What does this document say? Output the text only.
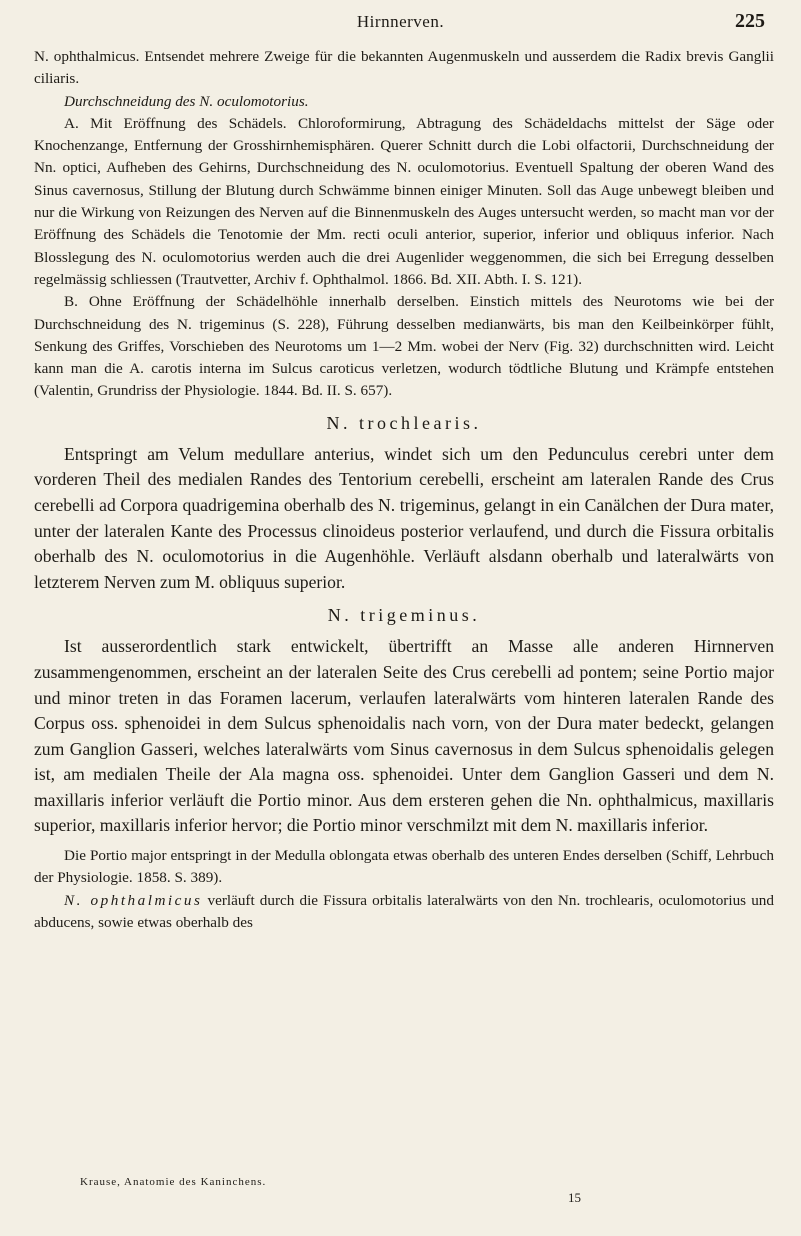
Hirnnerven.	225

N. ophthalmicus. Entsendet mehrere Zweige für die bekannten Augenmuskeln und ausserdem die Radix brevis Ganglii ciliaris.

Durchschneidung des N. oculomotorius.

A. Mit Eröffnung des Schädels. Chloroformirung, Abtragung des Schädeldachs mittelst der Säge oder Knochenzange, Entfernung der Grosshirnhemisphären. Querer Schnitt durch die Lobi olfactorii, Durchschneidung der Nn. optici, Aufheben des Gehirns, Durchschneidung des N. oculomotorius. Eventuell Spaltung der oberen Wand des Sinus cavernosus, Stillung der Blutung durch Schwämme binnen einiger Minuten. Soll das Auge unbewegt bleiben und nur die Wirkung von Reizungen des Nerven auf die Binnenmuskeln des Auges untersucht werden, so macht man vor der Eröffnung des Schädels die Tenotomie der Mm. recti oculi anterior, superior, inferior und obliquus inferior. Nach Blosslegung des N. oculomotorius werden auch die drei Augenlider weggenommen, die sich bei Erregung desselben regelmässig schliessen (Trautvetter, Archiv f. Ophthalmol. 1866. Bd. XII. Abth. I. S. 121).

B. Ohne Eröffnung der Schädelhöhle innerhalb derselben. Einstich mittels des Neurotoms wie bei der Durchschneidung des N. trigeminus (S. 228), Führung desselben medianwärts, bis man den Keilbeinkörper fühlt, Senkung des Griffes, Vorschieben des Neurotoms um 1—2 Mm. wobei der Nerv (Fig. 32) durchschnitten wird. Leicht kann man die A. carotis interna im Sulcus caroticus verletzen, wodurch tödtliche Blutung und Krämpfe entstehen (Valentin, Grundriss der Physiologie. 1844. Bd. II. S. 657).

N. trochlearis.

Entspringt am Velum medullare anterius, windet sich um den Pedunculus cerebri unter dem vorderen Theil des medialen Randes des Tentorium cerebelli, erscheint am lateralen Rande des Crus cerebelli ad Corpora quadrigemina oberhalb des N. trigeminus, gelangt in ein Canälchen der Dura mater, unter der lateralen Kante des Processus clinoideus posterior verlaufend, und durch die Fissura orbitalis oberhalb des N. oculomotorius in die Augenhöhle. Verläuft alsdann oberhalb und lateralwärts von letzterem Nerven zum M. obliquus superior.

N. trigeminus.

Ist ausserordentlich stark entwickelt, übertrifft an Masse alle anderen Hirnnerven zusammengenommen, erscheint an der lateralen Seite des Crus cerebelli ad pontem; seine Portio major und minor treten in das Foramen lacerum, verlaufen lateralwärts vom hinteren lateralen Rande des Corpus oss. sphenoidei in dem Sulcus sphenoidalis nach vorn, von der Dura mater bedeckt, gelangen zum Ganglion Gasseri, welches lateralwärts vom Sinus cavernosus in dem Sulcus sphenoidalis gelegen ist, am medialen Theile der Ala magna oss. sphenoidei. Unter dem Ganglion Gasseri und dem N. maxillaris inferior verläuft die Portio minor. Aus dem ersteren gehen die Nn. ophthalmicus, maxillaris superior, maxillaris inferior hervor; die Portio minor verschmilzt mit dem N. maxillaris inferior.

Die Portio major entspringt in der Medulla oblongata etwas oberhalb des unteren Endes derselben (Schiff, Lehrbuch der Physiologie. 1858. S. 389).

N. ophthalmicus verläuft durch die Fissura orbitalis lateralwärts von den Nn. trochlearis, oculomotorius und abducens, sowie etwas oberhalb des

Krause, Anatomie des Kaninchens.
15
